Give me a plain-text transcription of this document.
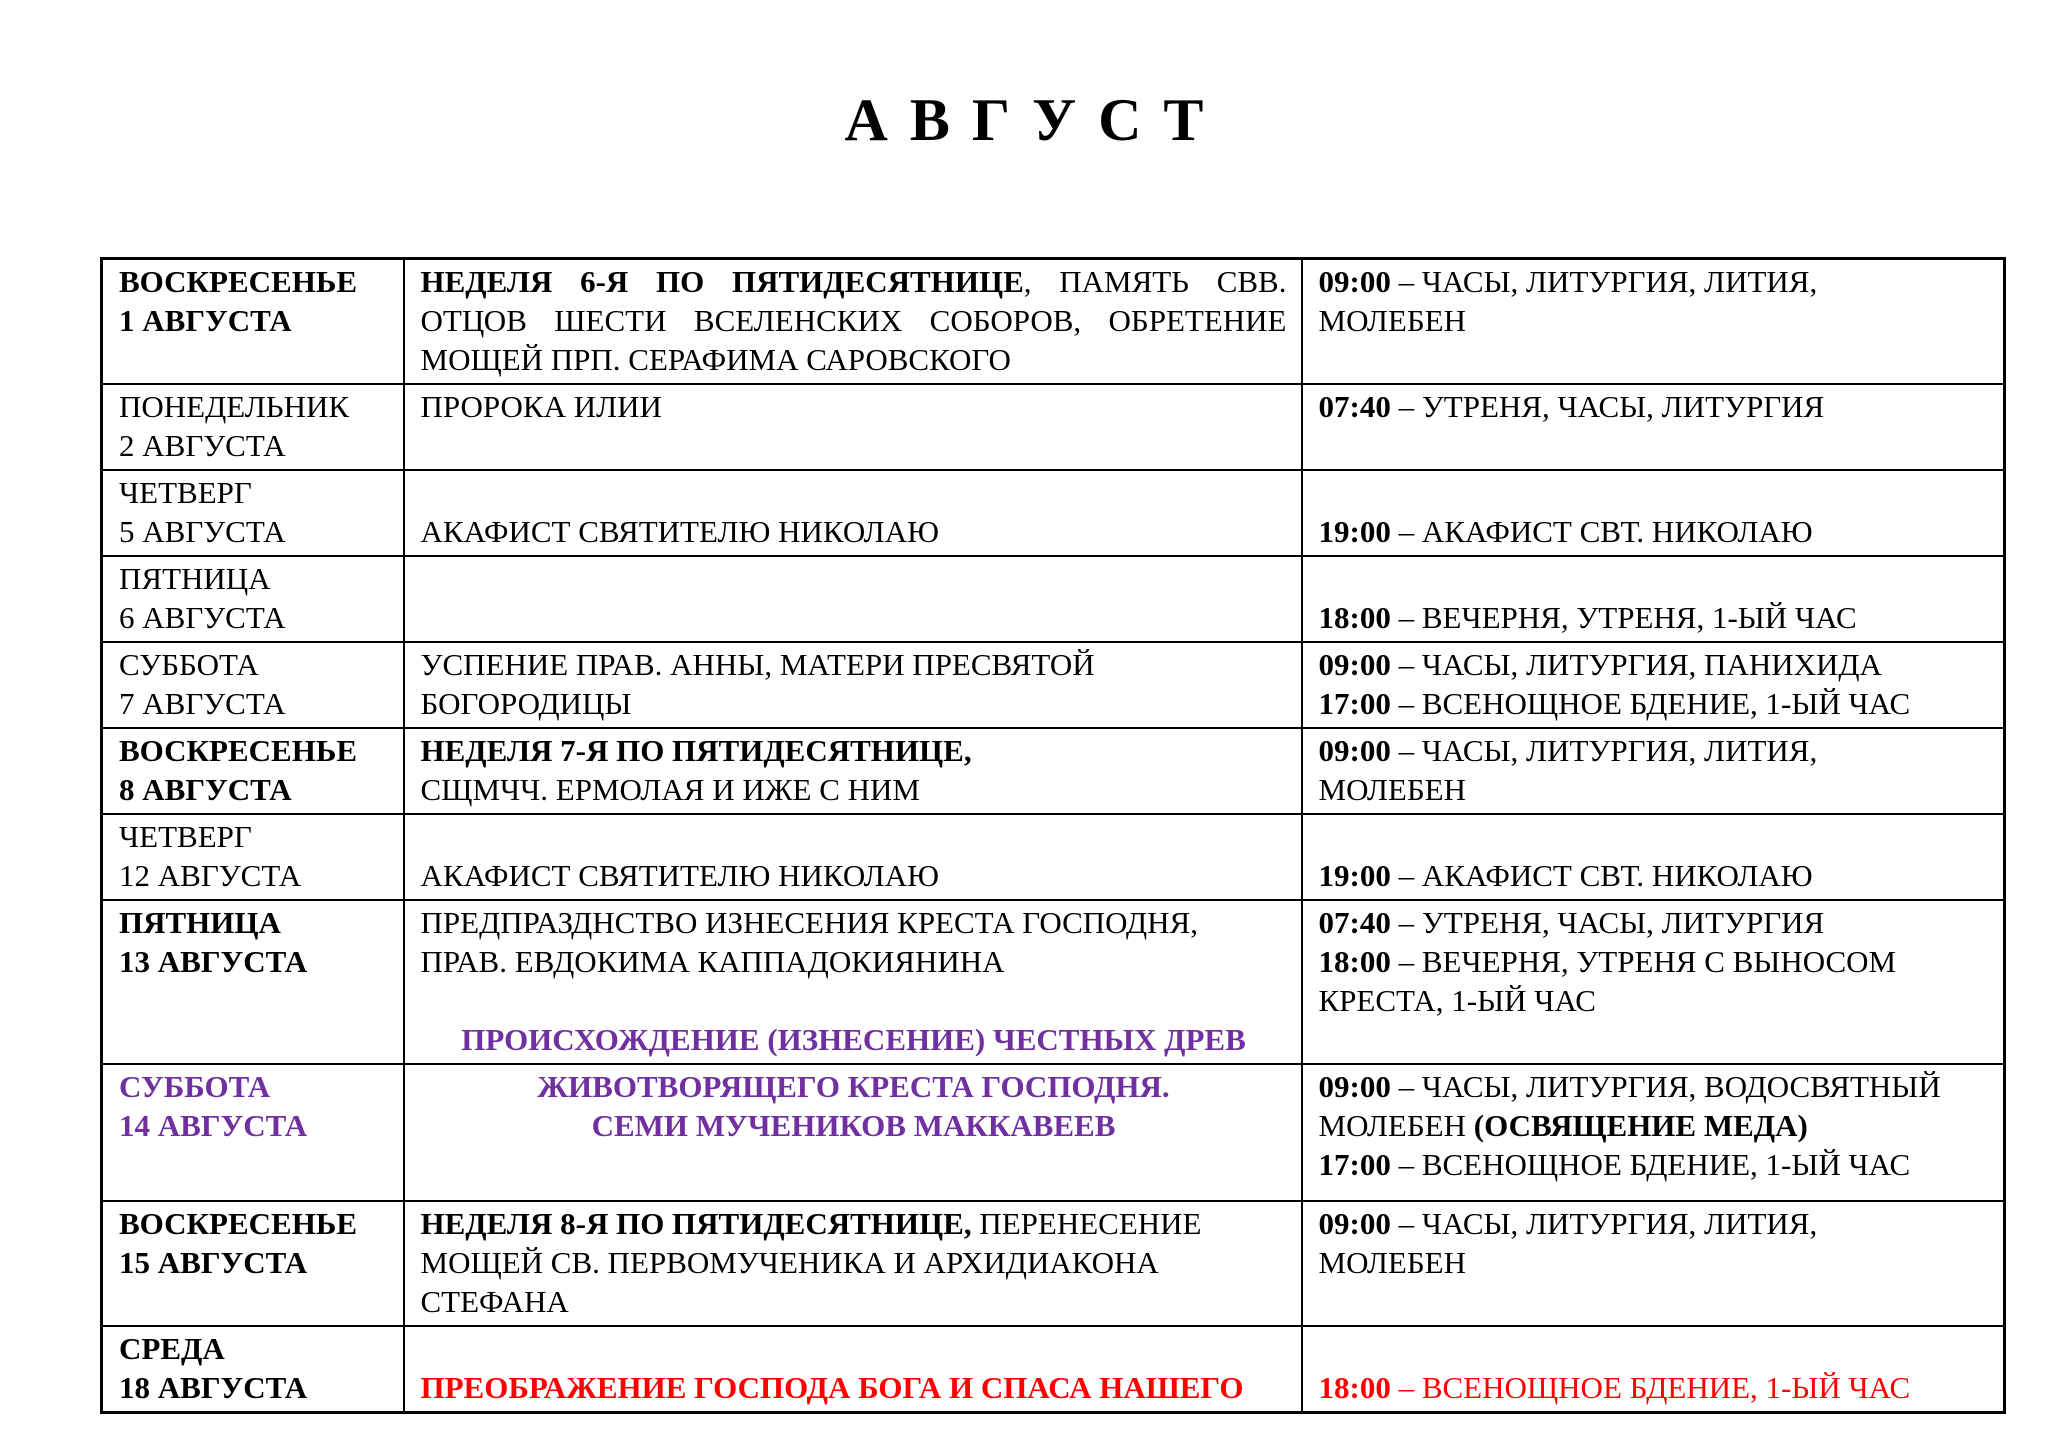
АВГУСТ
ВОСКРЕСЕНЬЕ
1 АВГУСТА

НЕДЕЛЯ 6-Я ПО ПЯТИДЕСЯТНИЦЕ, ПАМЯТЬ СВВ.
ОТЦОВ ШЕСТИ ВСЕЛЕНСКИХ СОБОРОВ, ОБРЕТЕНИЕ
МОЩЕЙ ПРП. СЕРАФИМА САРОВСКОГО

09:00 – ЧАСЫ, ЛИТУРГИЯ, ЛИТИЯ,
МОЛЕБЕН

ПОНЕДЕЛЬНИК
2 АВГУСТА	ПРОРОКА ИЛИИ	07:40 – УТРЕНЯ, ЧАСЫ, ЛИТУРГИЯ

ЧЕТВЕРГ
5 АВГУСТА	АКАФИСТ СВЯТИТЕЛЮ НИКОЛАЮ	19:00 – АКАФИСТ СВТ. НИКОЛАЮ

ПЯТНИЦА
6 АВГУСТА		18:00 – ВЕЧЕРНЯ, УТРЕНЯ, 1-ЫЙ ЧАС

СУББОТА
7 АВГУСТА

УСПЕНИЕ ПРАВ. АННЫ, МАТЕРИ ПРЕСВЯТОЙ
БОГОРОДИЦЫ

09:00 – ЧАСЫ, ЛИТУРГИЯ, ПАНИХИДА
17:00 – ВСЕНОЩНОЕ БДЕНИЕ, 1-ЫЙ ЧАС

ВОСКРЕСЕНЬЕ
8 АВГУСТА

НЕДЕЛЯ 7-Я ПО ПЯТИДЕСЯТНИЦЕ,
СЩМЧЧ. ЕРМОЛАЯ И ИЖЕ С НИМ

09:00 – ЧАСЫ, ЛИТУРГИЯ, ЛИТИЯ,
МОЛЕБЕН

ЧЕТВЕРГ
12 АВГУСТА	АКАФИСТ СВЯТИТЕЛЮ НИКОЛАЮ	19:00 – АКАФИСТ СВТ. НИКОЛАЮ

ПЯТНИЦА
13 АВГУСТА

ПРЕДПРАЗДНСТВО ИЗНЕСЕНИЯ КРЕСТА ГОСПОДНЯ,
ПРАВ. ЕВДОКИМА КАППАДОКИЯНИНА
ПРОИСХОЖДЕНИЕ (ИЗНЕСЕНИЕ) ЧЕСТНЫХ ДРЕВ

07:40 – УТРЕНЯ, ЧАСЫ, ЛИТУРГИЯ
18:00 – ВЕЧЕРНЯ, УТРЕНЯ С ВЫНОСОМ
КРЕСТА, 1-ЫЙ ЧАС

СУББОТА
14 АВГУСТА

ЖИВОТВОРЯЩЕГО КРЕСТА ГОСПОДНЯ.
СЕМИ МУЧЕНИКОВ МАККАВЕЕВ

09:00 – ЧАСЫ, ЛИТУРГИЯ, ВОДОСВЯТНЫЙ
МОЛЕБЕН (ОСВЯЩЕНИЕ МЕДА)
17:00 – ВСЕНОЩНОЕ БДЕНИЕ, 1-ЫЙ ЧАС

ВОСКРЕСЕНЬЕ
15 АВГУСТА

НЕДЕЛЯ 8-Я ПО ПЯТИДЕСЯТНИЦЕ, ПЕРЕНЕСЕНИЕ
МОЩЕЙ СВ. ПЕРВОМУЧЕНИКА И АРХИДИАКОНА
СТЕФАНА

09:00 – ЧАСЫ, ЛИТУРГИЯ, ЛИТИЯ,
МОЛЕБЕН

СРЕДА
18 АВГУСТА	ПРЕОБРАЖЕНИЕ ГОСПОДА БОГА И СПАСА НАШЕГО	18:00 – ВСЕНОЩНОЕ БДЕНИЕ, 1-ЫЙ ЧАС
